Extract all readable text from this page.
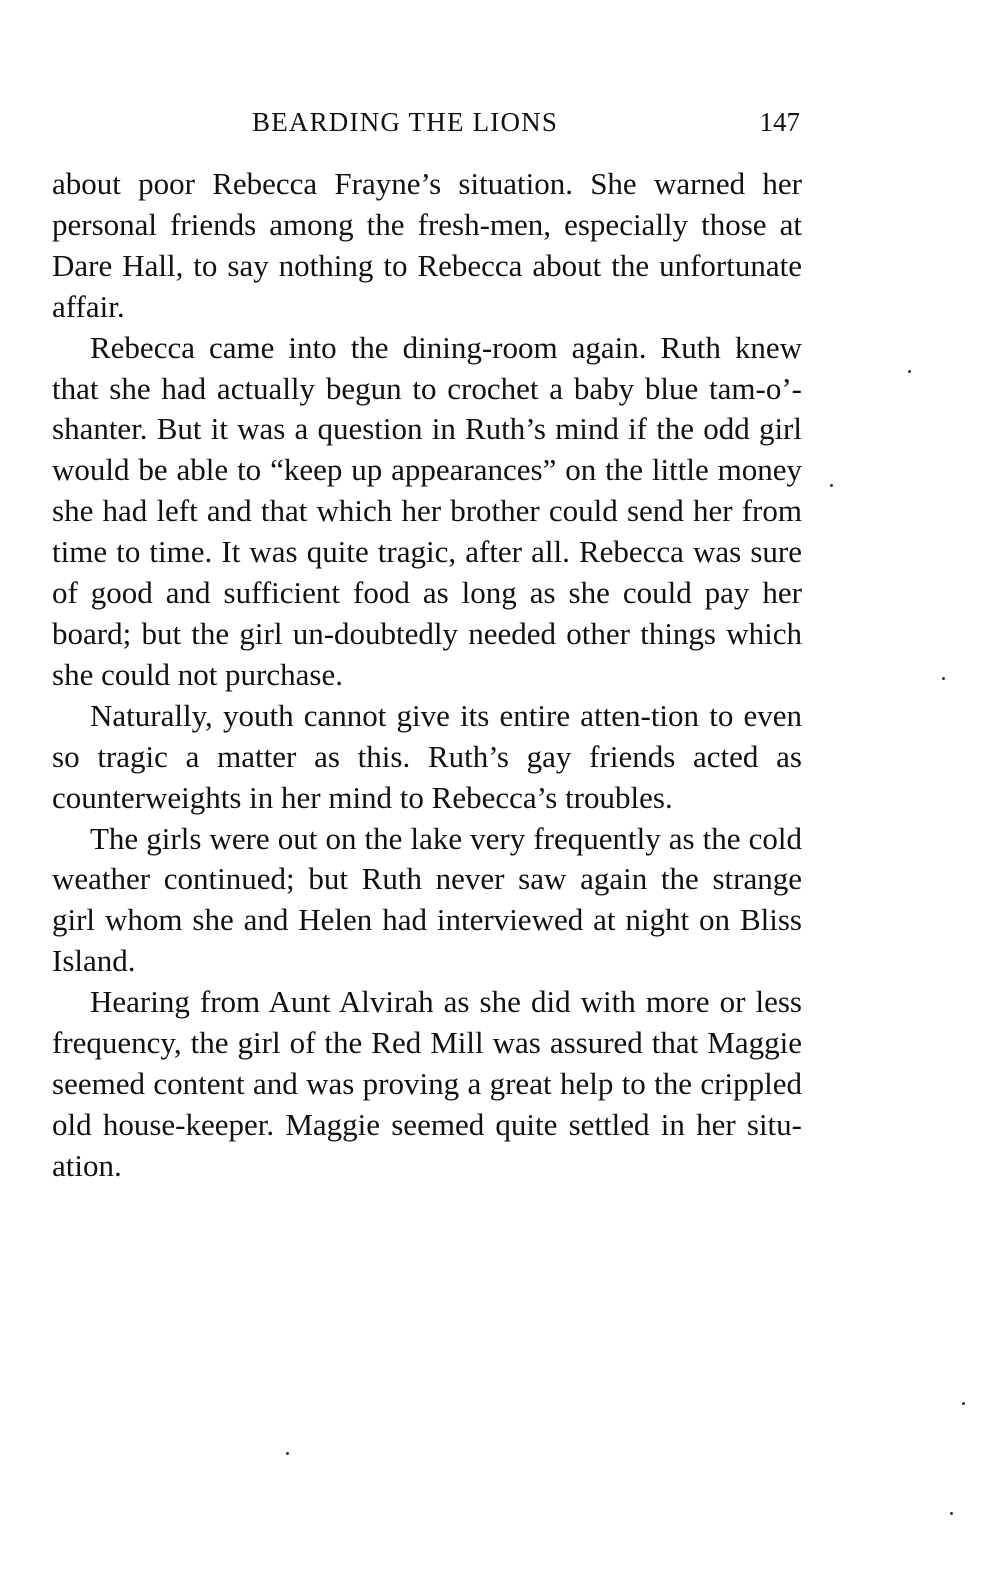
BEARDING THE LIONS	147

about poor Rebecca Frayne’s situation. She warned her personal friends among the fresh-men, especially those at Dare Hall, to say nothing to Rebecca about the unfortunate affair.

Rebecca came into the dining-room again. Ruth knew that she had actually begun to crochet a baby blue tam-o’-shanter. But it was a question in Ruth’s mind if the odd girl would be able to “keep up appearances” on the little money she had left and that which her brother could send her from time to time. It was quite tragic, after all. Rebecca was sure of good and sufficient food as long as she could pay her board; but the girl un-doubtedly needed other things which she could not purchase.

Naturally, youth cannot give its entire atten-tion to even so tragic a matter as this. Ruth’s gay friends acted as counterweights in her mind to Rebecca’s troubles.

The girls were out on the lake very frequently as the cold weather continued; but Ruth never saw again the strange girl whom she and Helen had interviewed at night on Bliss Island.

Hearing from Aunt Alvirah as she did with more or less frequency, the girl of the Red Mill was assured that Maggie seemed content and was proving a great help to the crippled old house-keeper. Maggie seemed quite settled in her situ-ation.
